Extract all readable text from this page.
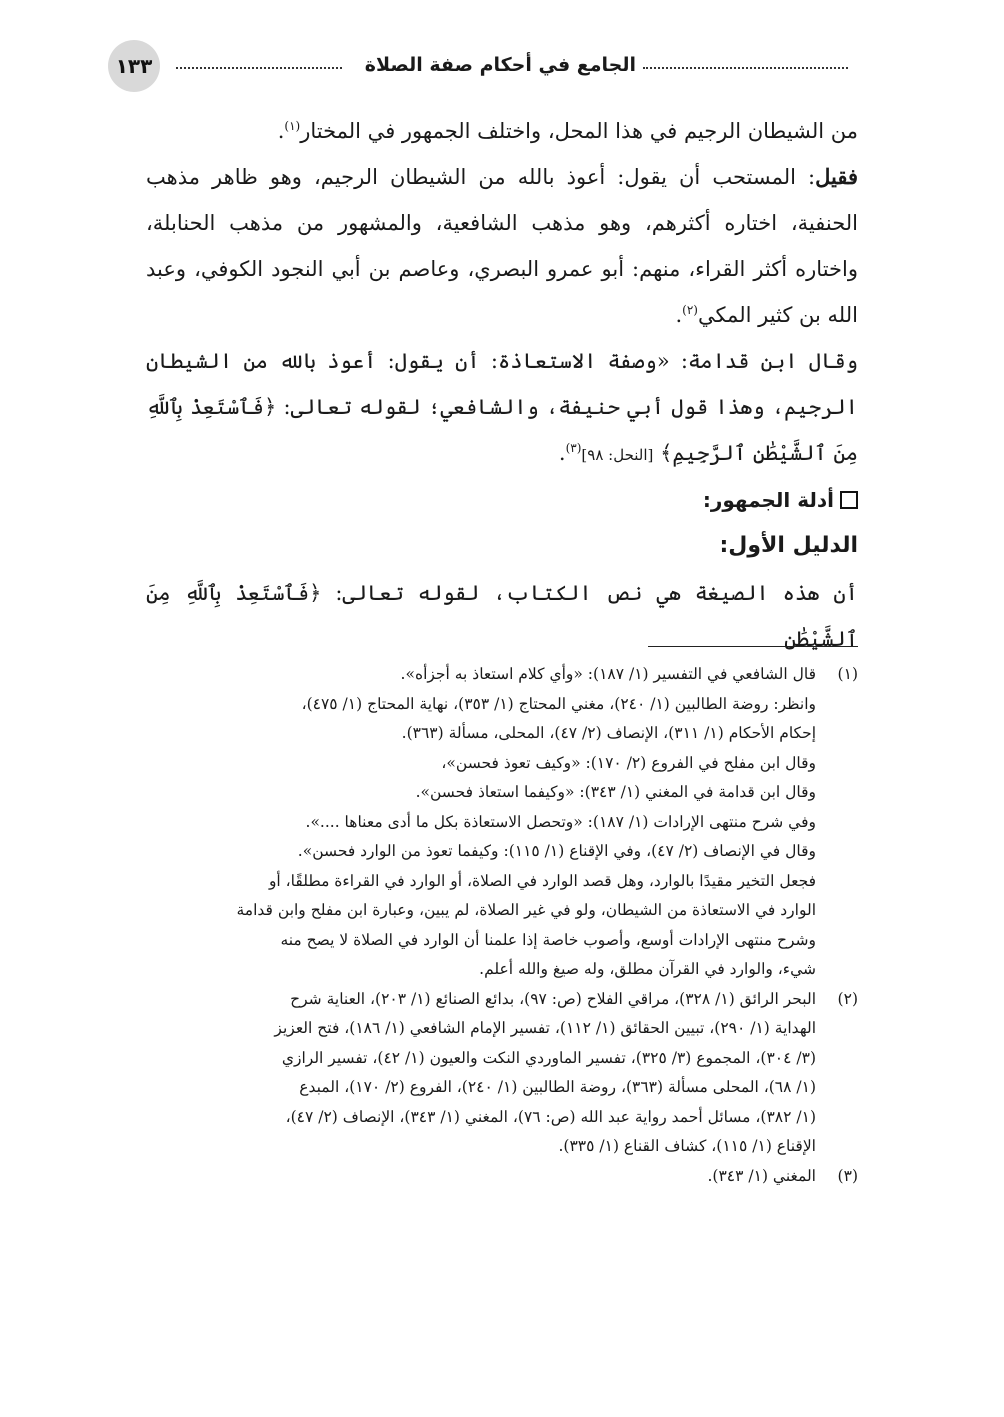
الجامع في أحكام صفة الصلاة
١٣٣

من الشيطان الرجيم في هذا المحل، واختلف الجمهور في المختار$^{(١)}$.

فقيل: المستحب أن يقول: أعوذ بالله من الشيطان الرجيم، وهو ظاهر مذهب الحنفية، اختاره أكثرهم، وهو مذهب الشافعية، والمشهور من مذهب الحنابلة، واختاره أكثر القراء، منهم: أبو عمرو البصري، وعاصم بن أبي النجود الكوفي، وعبد الله بن كثير المكي$^{(٢)}$.

وقال ابن قدامة: «وصفة الاستعاذة: أن يقول: أعوذ بالله من الشيطان الرجيم، وهذا قول أبي حنيفة، والشافعي؛ لقوله تعالى: ﴿فَٱسْتَعِذْ بِٱللَّهِ مِنَ ٱلشَّيْطَٰنِ ٱلرَّجِيمِ﴾ [النحل: ٩٨]$^{(٣)}$.

أدلة الجمهور:

الدليل الأول:

أن هذه الصيغة هي نص الكتاب، لقوله تعالى: ﴿فَٱسْتَعِذْ بِٱللَّهِ مِنَ ٱلشَّيْطَٰنِ

(١)
قال الشافعي في التفسير (١/ ١٨٧): «وأي كلام استعاذ به أجزأه».
وانظر: روضة الطالبين (١/ ٢٤٠)، مغني المحتاج (١/ ٣٥٣)، نهاية المحتاج (١/ ٤٧٥)،
إحكام الأحكام (١/ ٣١١)، الإنصاف (٢/ ٤٧)، المحلى، مسألة (٣٦٣).
وقال ابن مفلح في الفروع (٢/ ١٧٠): «وكيف تعوذ فحسن»،
وقال ابن قدامة في المغني (١/ ٣٤٣): «وكيفما استعاذ فحسن».
وفي شرح منتهى الإرادات (١/ ١٨٧): «وتحصل الاستعاذة بكل ما أدى معناها ....».
وقال في الإنصاف (٢/ ٤٧)، وفي الإقناع (١/ ١١٥): وكيفما تعوذ من الوارد فحسن».
فجعل التخير مقيدًا بالوارد، وهل قصد الوارد في الصلاة، أو الوارد في القراءة مطلقًا، أو
الوارد في الاستعاذة من الشيطان، ولو في غير الصلاة، لم يبين، وعبارة ابن مفلح وابن قدامة
وشرح منتهى الإرادات أوسع، وأصوب خاصة إذا علمنا أن الوارد في الصلاة لا يصح منه
شيء، والوارد في القرآن مطلق، وله صيغ والله أعلم.
(٢)
البحر الرائق (١/ ٣٢٨)، مراقي الفلاح (ص: ٩٧)، بدائع الصنائع (١/ ٢٠٣)، العناية شرح
الهداية (١/ ٢٩٠)، تبيين الحقائق (١/ ١١٢)، تفسير الإمام الشافعي (١/ ١٨٦)، فتح العزيز
(٣/ ٣٠٤)، المجموع (٣/ ٣٢٥)، تفسير الماوردي النكت والعيون (١/ ٤٢)، تفسير الرازي
(١/ ٦٨)، المحلى مسألة (٣٦٣)، روضة الطالبين (١/ ٢٤٠)، الفروع (٢/ ١٧٠)، المبدع
(١/ ٣٨٢)، مسائل أحمد رواية عبد الله (ص: ٧٦)، المغني (١/ ٣٤٣)، الإنصاف (٢/ ٤٧)،
الإقناع (١/ ١١٥)، كشاف القناع (١/ ٣٣٥).
(٣)
المغني (١/ ٣٤٣).
